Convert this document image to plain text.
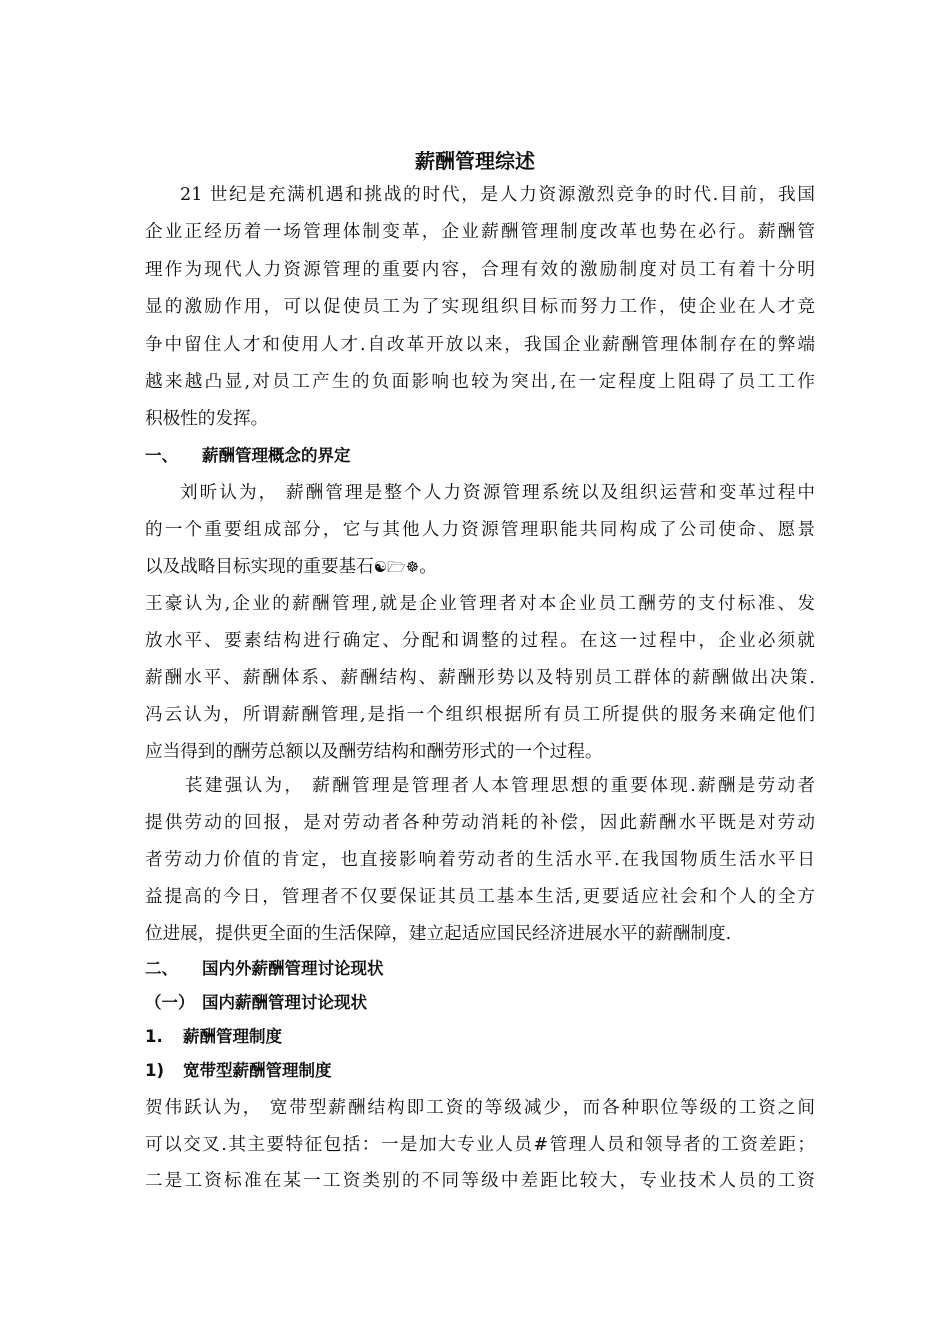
薪酬管理综述
21 世纪是充满机遇和挑战的时代，是人力资源激烈竞争的时代.目前，我国
企业正经历着一场管理体制变革，企业薪酬管理制度改革也势在必行。薪酬管
理作为现代人力资源管理的重要内容，合理有效的激励制度对员工有着十分明
显的激励作用，可以促使员工为了实现组织目标而努力工作，使企业在人才竞
争中留住人才和使用人才.自改革开放以来，我国企业薪酬管理体制存在的弊端
越来越凸显,对员工产生的负面影响也较为突出,在一定程度上阻碍了员工工作
积极性的发挥。
一、 薪酬管理概念的界定
刘昕认为， 薪酬管理是整个人力资源管理系统以及组织运营和变革过程中
的一个重要组成部分，它与其他人力资源管理职能共同构成了公司使命、愿景
以及战略目标实现的重要基石☯🗁☸。
王豪认为,企业的薪酬管理,就是企业管理者对本企业员工酬劳的支付标准、发
放水平、要素结构进行确定、分配和调整的过程。在这一过程中，企业必须就
薪酬水平、薪酬体系、薪酬结构、薪酬形势以及特别员工群体的薪酬做出决策.
冯云认为，所谓薪酬管理,是指一个组织根据所有员工所提供的服务来确定他们
应当得到的酬劳总额以及酬劳结构和酬劳形式的一个过程。
苌建强认为， 薪酬管理是管理者人本管理思想的重要体现.薪酬是劳动者
提供劳动的回报，是对劳动者各种劳动消耗的补偿，因此薪酬水平既是对劳动
者劳动力价值的肯定，也直接影响着劳动者的生活水平.在我国物质生活水平日
益提高的今日，管理者不仅要保证其员工基本生活,更要适应社会和个人的全方
位进展，提供更全面的生活保障，建立起适应国民经济进展水平的薪酬制度.
二、 国内外薪酬管理讨论现状
（一） 国内薪酬管理讨论现状
1. 薪酬管理制度
1) 宽带型薪酬管理制度
贺伟跃认为， 宽带型薪酬结构即工资的等级减少，而各种职位等级的工资之间
可以交叉.其主要特征包括：一是加大专业人员#管理人员和领导者的工资差距；
二是工资标准在某一工资类别的不同等级中差距比较大，专业技术人员的工资
